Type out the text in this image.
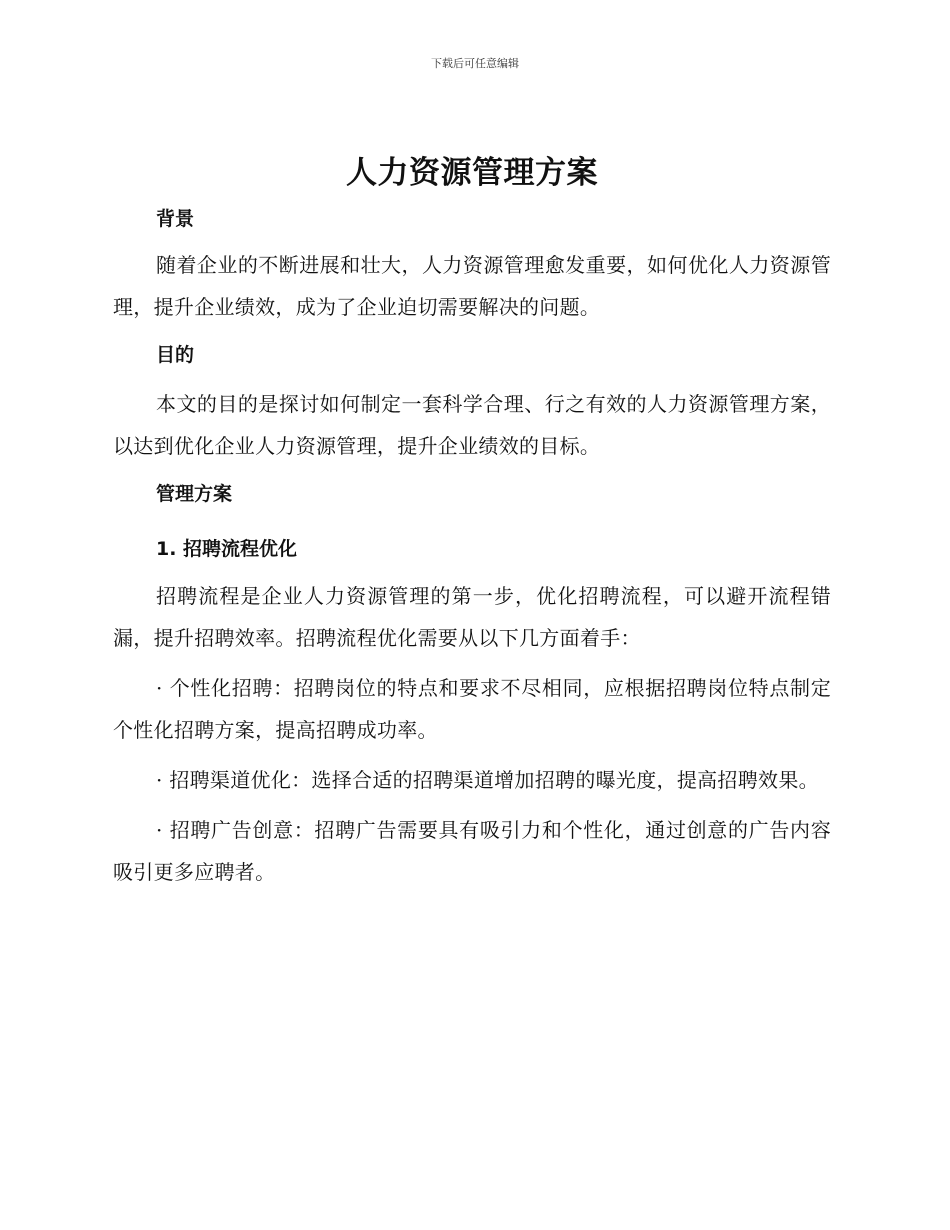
下载后可任意编辑
人力资源管理方案
背景

随着企业的不断进展和壮大，人力资源管理愈发重要，如何优化人力资源管理，提升企业绩效，成为了企业迫切需要解决的问题。

目的

本文的目的是探讨如何制定一套科学合理、行之有效的人力资源管理方案，以达到优化企业人力资源管理，提升企业绩效的目标。

管理方案
1. 招聘流程优化

招聘流程是企业人力资源管理的第一步，优化招聘流程，可以避开流程错漏，提升招聘效率。招聘流程优化需要从以下几方面着手：

· 个性化招聘：招聘岗位的特点和要求不尽相同，应根据招聘岗位特点制定个性化招聘方案，提高招聘成功率。

· 招聘渠道优化：选择合适的招聘渠道增加招聘的曝光度，提高招聘效果。

· 招聘广告创意：招聘广告需要具有吸引力和个性化，通过创意的广告内容吸引更多应聘者。
